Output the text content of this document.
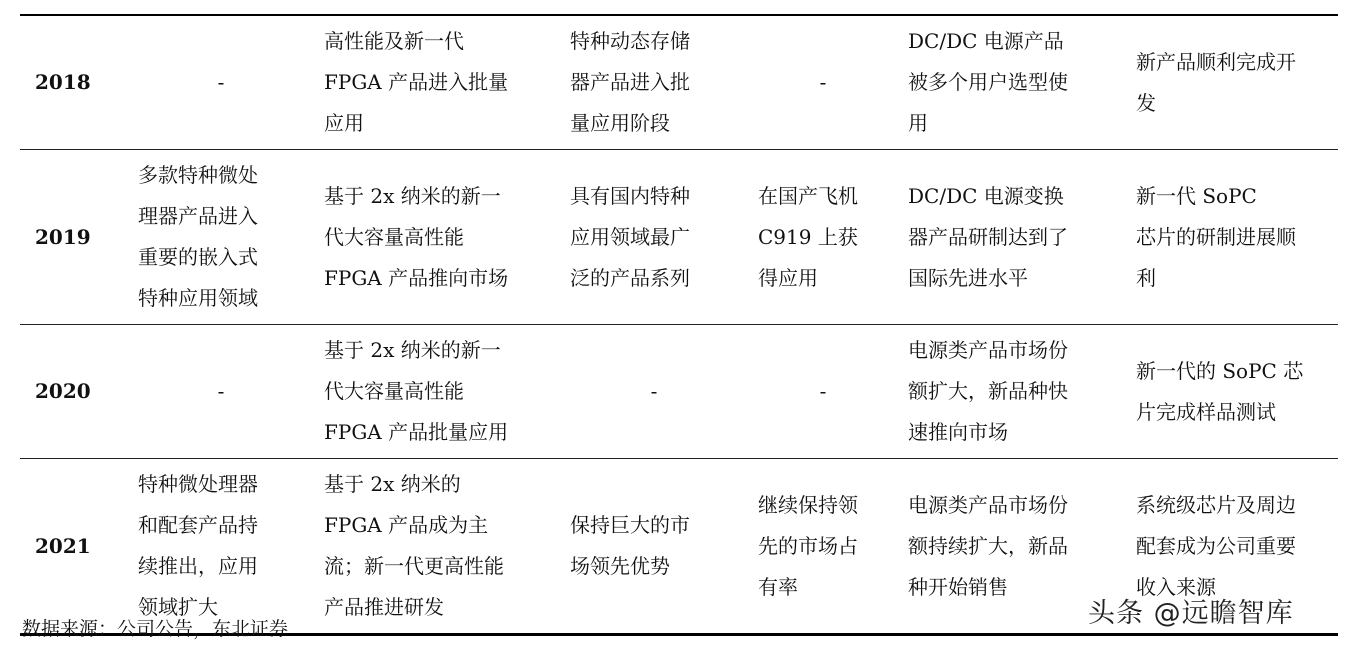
2018	-	高性能及新一代
FPGA 产品进入批量
应用	特种动态存储
器产品进入批
量应用阶段	-	DC/DC 电源产品
被多个用户选型使
用	新产品顺利完成开
发

2019	多款特种微处
理器产品进入
重要的嵌入式
特种应用领域	基于 2x 纳米的新一
代大容量高性能
FPGA 产品推向市场	具有国内特种
应用领域最广
泛的产品系列	在国产飞机
C919 上获
得应用	DC/DC 电源变换
器产品研制达到了
国际先进水平	新一代 SoPC
芯片的研制进展顺
利

2020	-	基于 2x 纳米的新一
代大容量高性能
FPGA 产品批量应用	-	-	电源类产品市场份
额扩大，新品种快
速推向市场	新一代的 SoPC 芯
片完成样品测试

2021	特种微处理器
和配套产品持
续推出，应用
领域扩大	基于 2x 纳米的
FPGA 产品成为主
流；新一代更高性能
产品推进研发	保持巨大的市
场领先优势	继续保持领
先的市场占
有率	电源类产品市场份
额持续扩大，新品
种开始销售	系统级芯片及周边
配套成为公司重要
收入来源
数据来源：公司公告，东北证券	头条 @远瞻智库
